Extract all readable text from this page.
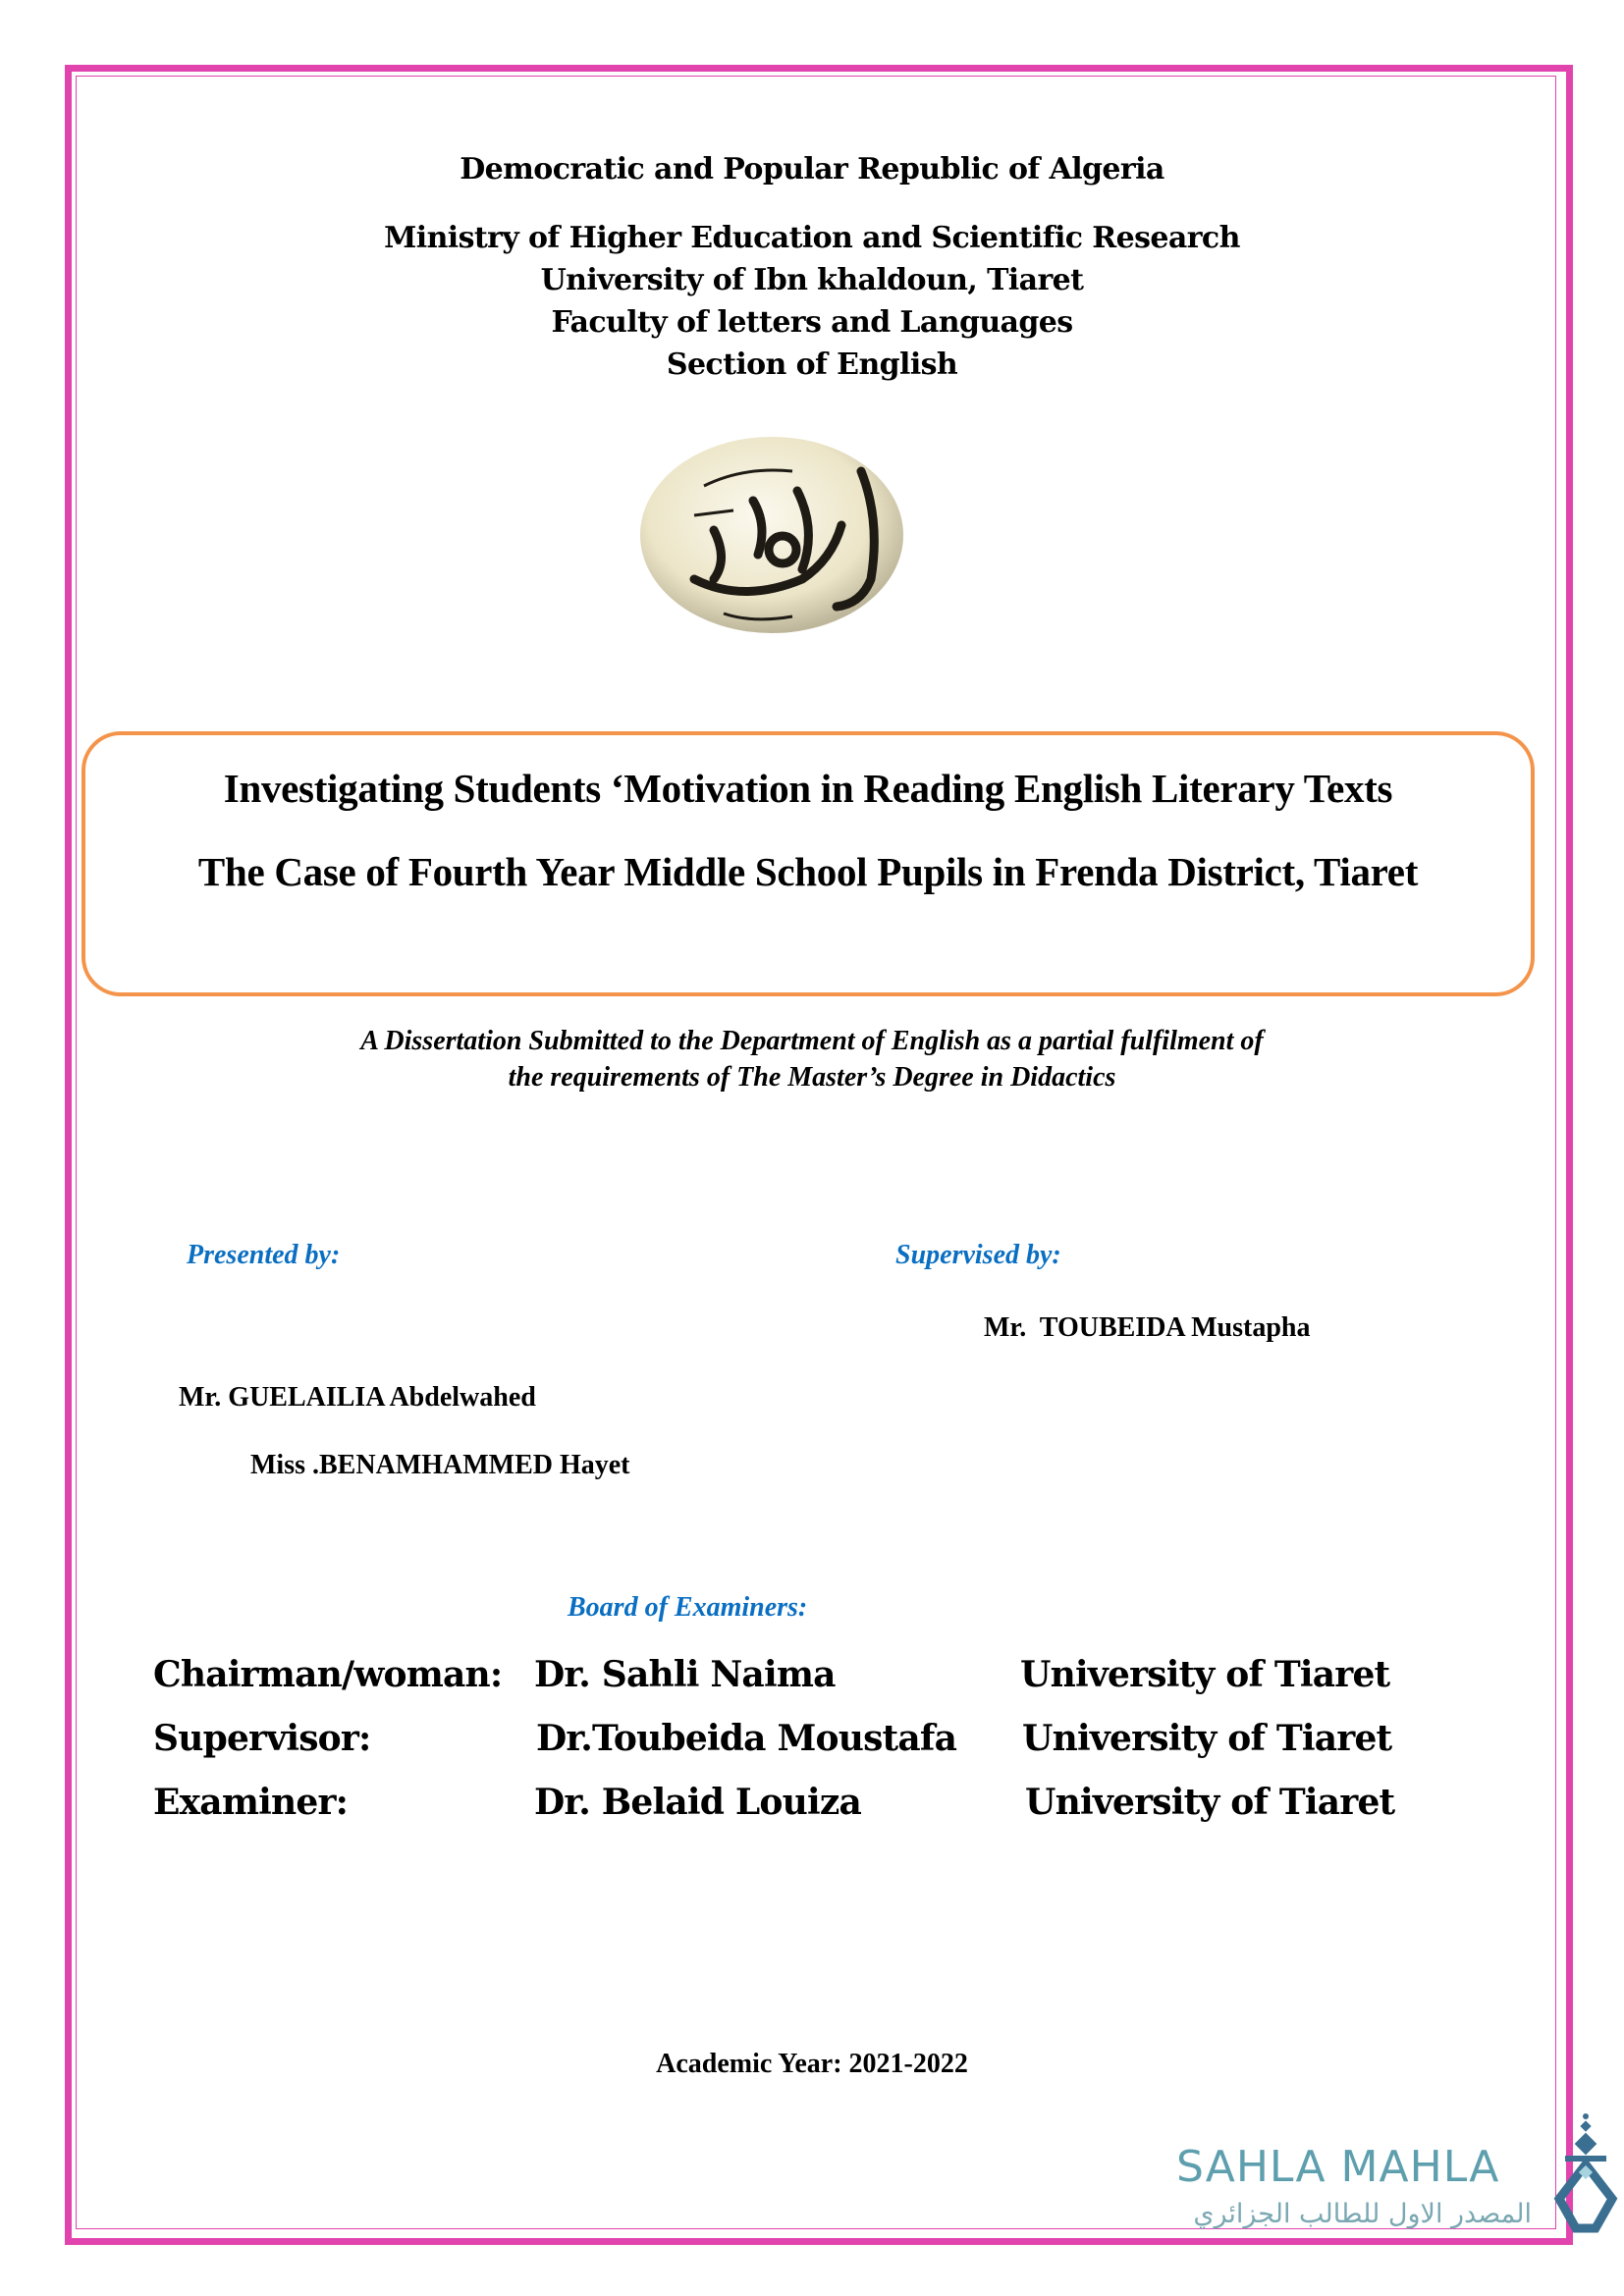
Democratic and Popular Republic of Algeria
Ministry of Higher Education and Scientific Research
University of Ibn khaldoun, Tiaret
Faculty of letters and Languages
Section of English
Investigating Students ‘Motivation in Reading English Literary Texts
The Case of Fourth Year Middle School Pupils in Frenda District, Tiaret
A Dissertation Submitted to the Department of English as a partial fulfilment of
the requirements of The Master’s Degree in Didactics
Presented by:	Supervised by:
Mr.  TOUBEIDA Mustapha
Mr. GUELAILIA Abdelwahed
Miss .BENAMHAMMED Hayet
Board of Examiners:
Chairman/woman: Dr. Sahli Naima	University of Tiaret
Supervisor:	Dr.Toubeida Moustafa University of Tiaret
Examiner:	Dr. Belaid Louiza	University of Tiaret
Academic Year: 2021-2022
SAHLA MAHLA
المصدر الاول للطالب الجزائري
